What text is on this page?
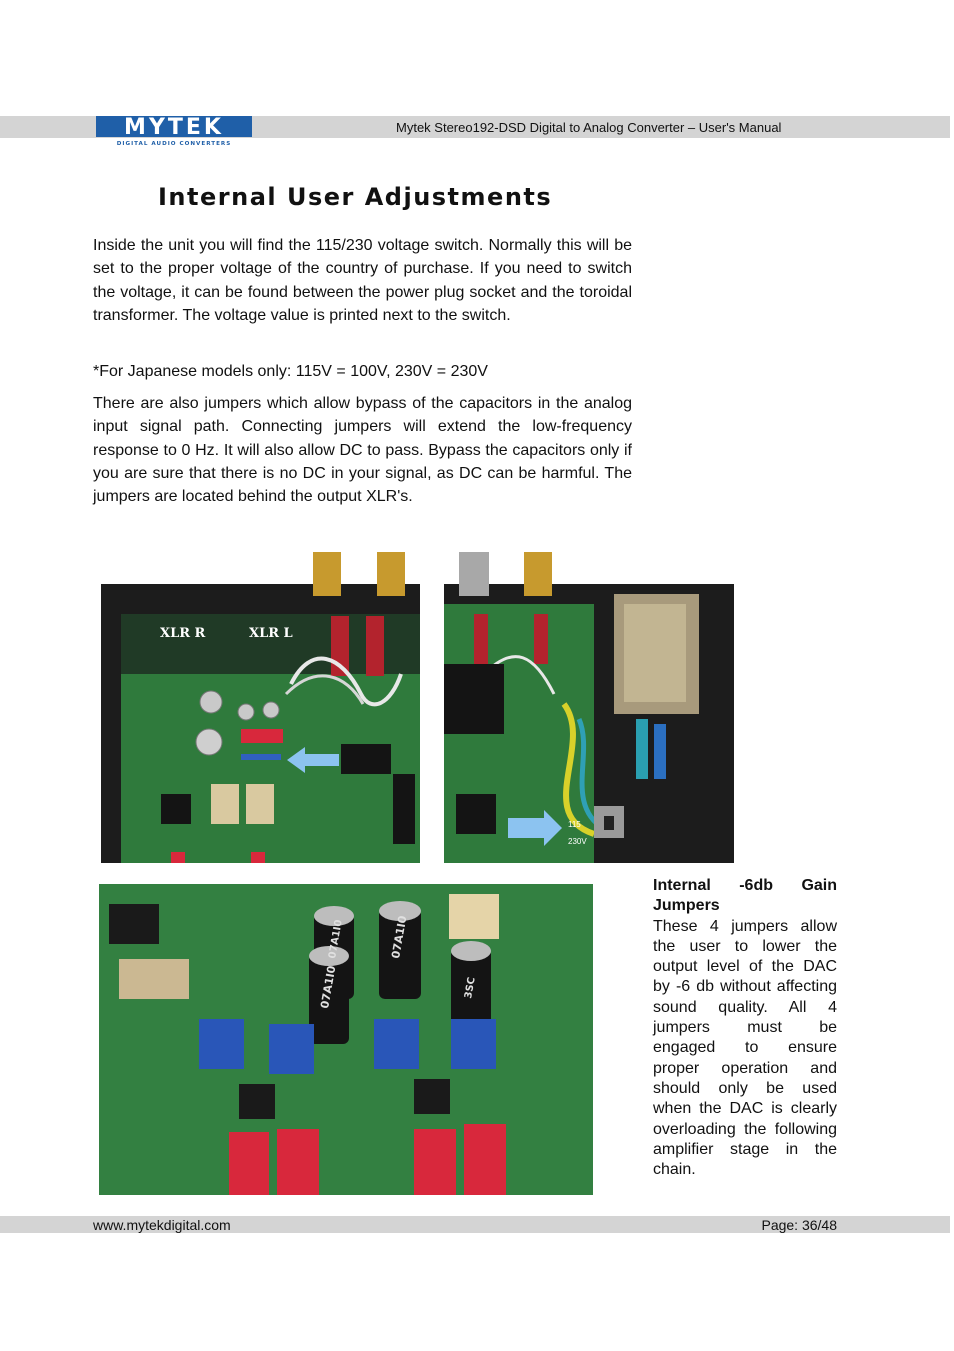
MYTEK
DIGITAL AUDIO CONVERTERS
Mytek Stereo192-DSD Digital to Analog Converter – User's Manual
Internal User Adjustments

Inside the unit you will find the 115/230 voltage switch. Normally this will be set to the proper voltage of the country of purchase. If you need to switch the voltage, it can be found between the power plug socket and the toroidal transformer. The voltage value is printed next to the switch.

*For Japanese models only: 115V = 100V, 230V = 230V

There are also jumpers which allow bypass of the capacitors in the analog input signal path. Connecting jumpers will extend the low-frequency response to 0 Hz. It will also allow DC to pass. Bypass the capacitors only if you are sure that there is no DC in your signal, as DC can be harmful. The jumpers are located behind the output XLR's.

XLR R	XLR L
115
230V
07A1I0
07A1I0
07A1I0
3SC
Internal -6db Gain Jumpers
These 4 jumpers allow the user to lower the output level of the DAC by -6 db without affecting sound quality. All 4 jumpers must be engaged to ensure proper operation and should only be used when the DAC is clearly overloading the following amplifier stage in the chain.
www.mytekdigital.com	Page: 36/48
